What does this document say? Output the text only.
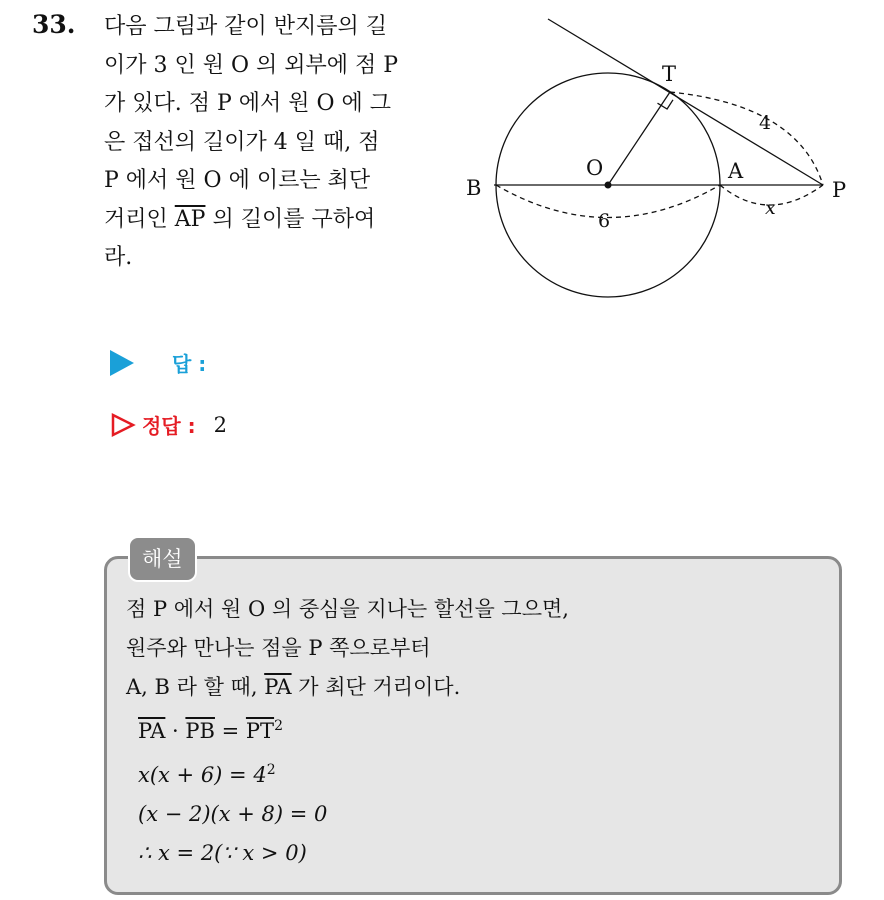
33. 다음 그림과 같이 반지름의 길
이가 3 인 원 O 의 외부에 점 P
가 있다. 점 P 에서 원 O 에 그
은 접선의 길이가 4 일 때, 점
P 에서 원 O 에 이르는 최단
거리인 $\overline{AP}$ 의 길이를 구하여
라.
T
O	A
B	P
4
6
x
답 :
정답 : 2
해설
점 P 에서 원 O 의 중심을 지나는 할선을 그으면,
원주와 만나는 점을 P 쪽으로부터
A, B 라 할 때, $\overline{PA}$ 가 최단 거리이다.
$\overline{PA} \cdot \overline{PB} = \overline{PT}^2$
$x(x + 6) = 4^2$
(x − 2)(x + 8) = 0
∴ x = 2(∵ x > 0)
